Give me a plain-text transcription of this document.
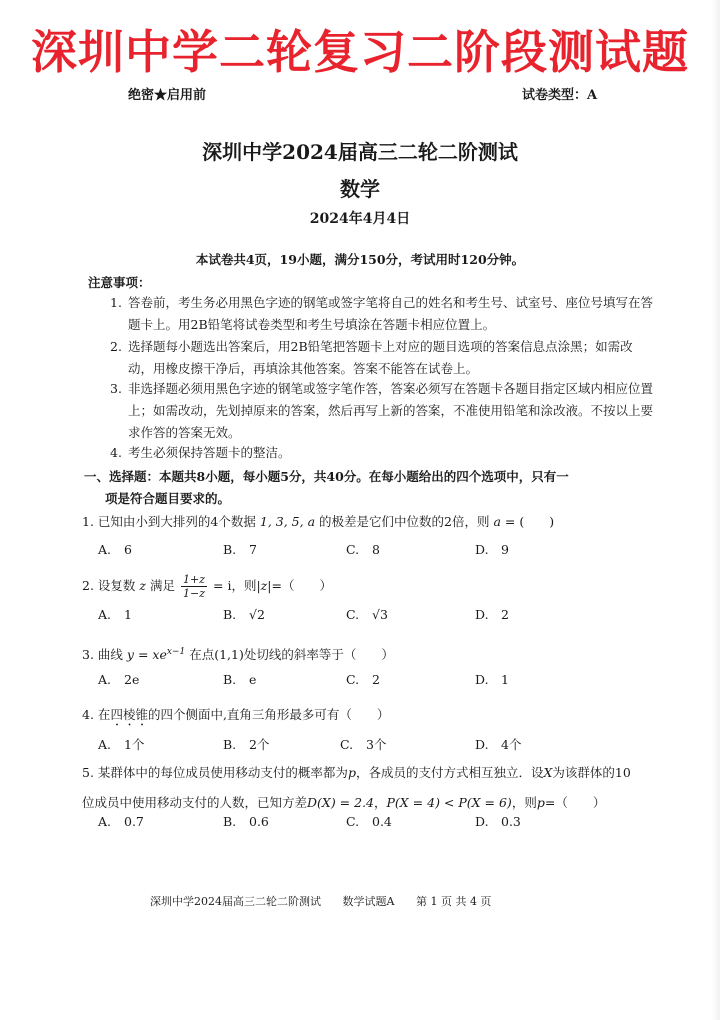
深圳中学二轮复习二阶段测试题
绝密★启用前	试卷类型：A
深圳中学2024届高三二轮二阶测试
数学
2024年4月4日
本试卷共4页，19小题，满分150分，考试用时120分钟。
注意事项：
1. 答卷前，考生务必用黑色字迹的钢笔或签字笔将自己的姓名和考生号、试室号、座位号填写在答题卡上。用2B铅笔将试卷类型和考生号填涂在答题卡相应位置上。
2. 选择题每小题选出答案后，用2B铅笔把答题卡上对应的题目选项的答案信息点涂黑；如需改动，用橡皮擦干净后，再填涂其他答案。答案不能答在试卷上。
3. 非选择题必须用黑色字迹的钢笔或签字笔作答，答案必须写在答题卡各题目指定区域内相应位置上；如需改动，先划掉原来的答案，然后再写上新的答案，不准使用铅笔和涂改液。不按以上要求作答的答案无效。
4. 考生必须保持答题卡的整洁。
一、选择题：本题共8小题，每小题5分，共40分。在每小题给出的四个选项中，只有一
项是符合题目要求的。
1. 已知由小到大排列的4个数据 1, 3, 5, a 的极差是它们中位数的2倍，则 a = (　　)
A. 6	B. 7	C. 8	D. 9
2. 设复数 z 满足 $\frac{1+z}{1-z} = i$，则|z|=（　　）
A. 1	B. √2	C. √3	D. 2
3. 曲线 $y = xe^{x-1}$ 在点(1,1)处切线的斜率等于（　　）
A. 2e	B. e	C. 2	D. 1
4. 在四棱锥的四个侧面中,直角三角形最多可有（　　）
A. 1个	B. 2个	C. 3个	D. 4个
5. 某群体中的每位成员使用移动支付的概率都为p，各成员的支付方式相互独立．设X为该群体的10位成员中使用移动支付的人数，已知方差D(X) = 2.4，P(X = 4) < P(X = 6)，则p=（　　）
A. 0.7	B. 0.6	C. 0.4	D. 0.3
深圳中学2024届高三二轮二阶测试 数学试题A 第 1 页 共 4 页
